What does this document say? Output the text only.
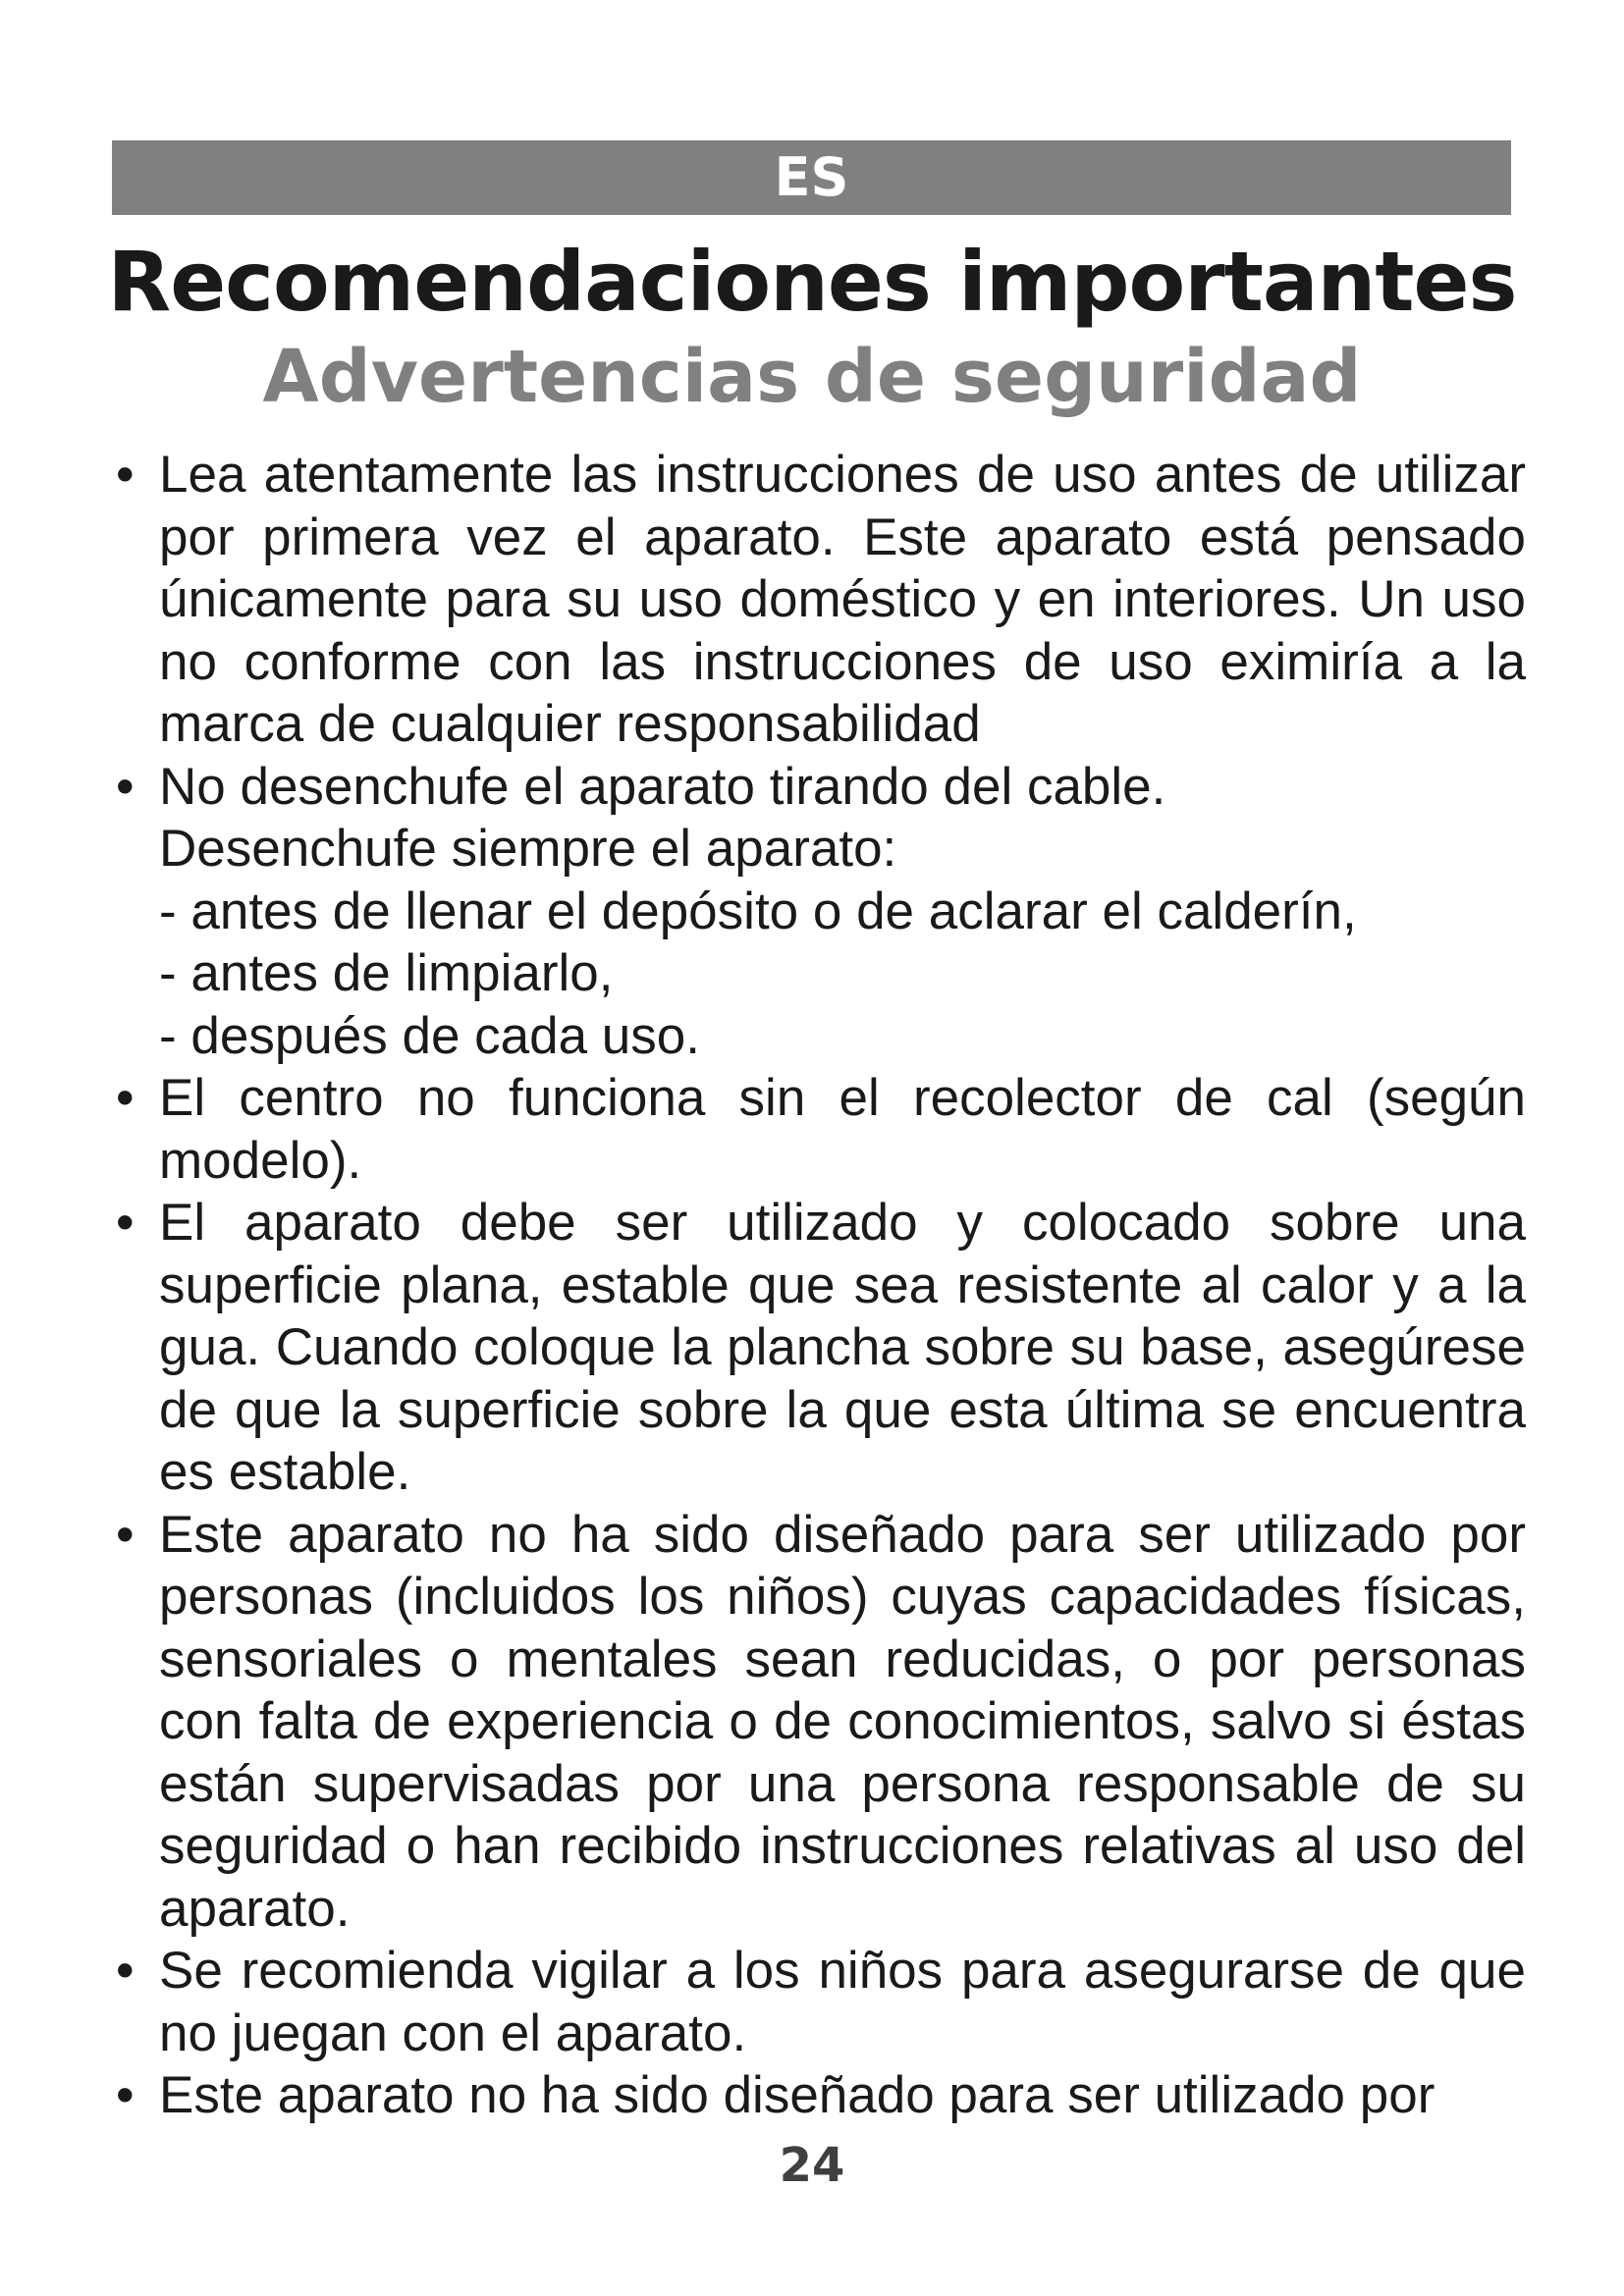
ES
Recomendaciones importantes
Advertencias de seguridad
• Lea atentamente las instrucciones de uso antes de utilizar por primera vez el aparato. Este aparato está pensado únicamente para su uso doméstico y en interiores. Un uso no conforme con las instrucciones de uso eximiría a la marca de cualquier responsabilidad
• No desenchufe el aparato tirando del cable.
Desenchufe siempre el aparato:
- antes de llenar el depósito o de aclarar el calderín,
- antes de limpiarlo,
- después de cada uso.
• El centro no funciona sin el recolector de cal (según modelo).
• El aparato debe ser utilizado y colocado sobre una superficie plana, estable que sea resistente al calor y a la gua. Cuando coloque la plancha sobre su base, asegúrese de que la superficie sobre la que esta última se encuentra es estable.
• Este aparato no ha sido diseñado para ser utilizado por personas (incluidos los niños) cuyas capacidades físicas, sensoriales o mentales sean reducidas, o por personas con falta de experiencia o de conocimientos, salvo si éstas están supervisadas por una persona responsable de su seguridad o han recibido instrucciones relativas al uso del aparato.
• Se recomienda vigilar a los niños para asegurarse de que no juegan con el aparato.
• Este aparato no ha sido diseñado para ser utilizado por
24
